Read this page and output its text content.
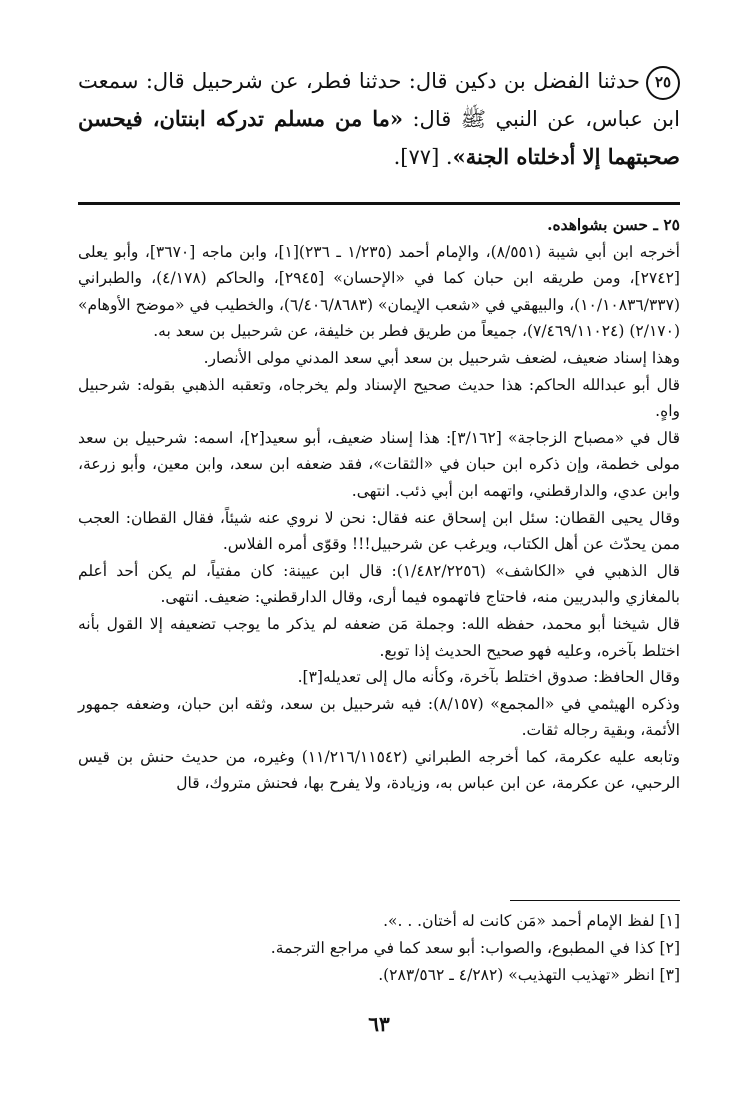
٢٥حدثنا الفضل بن دكين قال: حدثنا فطر، عن شرحبيل قال: سمعت ابن عباس، عن النبي ﷺ قال: «ما من مسلم تدركه ابنتان، فيحسن صحبتهما إلا أدخلتاه الجنة». [٧٧].

٢٥ ـ حسن بشواهده.

أخرجه ابن أبي شيبة (٨/٥٥١)، والإمام أحمد (١/٢٣٥ ـ ٢٣٦)[١]، وابن ماجه [٣٦٧٠]، وأبو يعلى [٢٧٤٢]، ومن طريقه ابن حبان كما في «الإحسان» [٢٩٤٥]، والحاكم (٤/١٧٨)، والطبراني (١٠/١٠٨٣٦/٣٣٧)، والبيهقي في «شعب الإيمان» (٦/٤٠٦/٨٦٨٣)، والخطيب في «موضح الأوهام» (٢/١٧٠) (٧/٤٦٩/١١٠٢٤)، جميعاً من طريق فطر بن خليفة، عن شرحبيل بن سعد به.

وهذا إسناد ضعيف، لضعف شرحبيل بن سعد أبي سعد المدني مولى الأنصار.

قال أبو عبدالله الحاكم: هذا حديث صحيح الإسناد ولم يخرجاه، وتعقبه الذهبي بقوله: شرحبيل واهٍ.

قال في «مصباح الزجاجة» [٣/١٦٢]: هذا إسناد ضعيف، أبو سعيد[٢]، اسمه: شرحبيل بن سعد مولى خطمة، وإن ذكره ابن حبان في «الثقات»، فقد ضعفه ابن سعد، وابن معين، وأبو زرعة، وابن عدي، والدارقطني، واتهمه ابن أبي ذئب. انتهى.

وقال يحيى القطان: سئل ابن إسحاق عنه فقال: نحن لا نروي عنه شيئاً، فقال القطان: العجب ممن يحدّث عن أهل الكتاب، ويرغب عن شرحبيل!!! وقوّى أمره الفلاس.

قال الذهبي في «الكاشف» (١/٤٨٢/٢٢٥٦): قال ابن عيينة: كان مفتياً، لم يكن أحد أعلم بالمغازي والبدريين منه، فاحتاج فاتهموه فيما أرى، وقال الدارقطني: ضعيف. انتهى.

قال شيخنا أبو محمد، حفظه الله: وجملة مَن ضعفه لم يذكر ما يوجب تضعيفه إلا القول بأنه اختلط بآخره، وعليه فهو صحيح الحديث إذا توبع.

وقال الحافظ: صدوق اختلط بآخرة، وكأنه مال إلى تعديله[٣].

وذكره الهيثمي في «المجمع» (٨/١٥٧): فيه شرحبيل بن سعد، وثقه ابن حبان، وضعفه جمهور الأئمة، وبقية رجاله ثقات.

وتابعه عليه عكرمة، كما أخرجه الطبراني (١١/٢١٦/١١٥٤٢) وغيره، من حديث حنش بن قيس الرحبي، عن عكرمة، عن ابن عباس به، وزيادة، ولا يفرح بها، فحنش متروك، قال

[١] لفظ الإمام أحمد «مَن كانت له أختان. . .».

[٢] كذا في المطبوع، والصواب: أبو سعد كما في مراجع الترجمة.

[٣] انظر «تهذيب التهذيب» (٤/٢٨٢ ـ ٢٨٣/٥٦٢).

٦٣
